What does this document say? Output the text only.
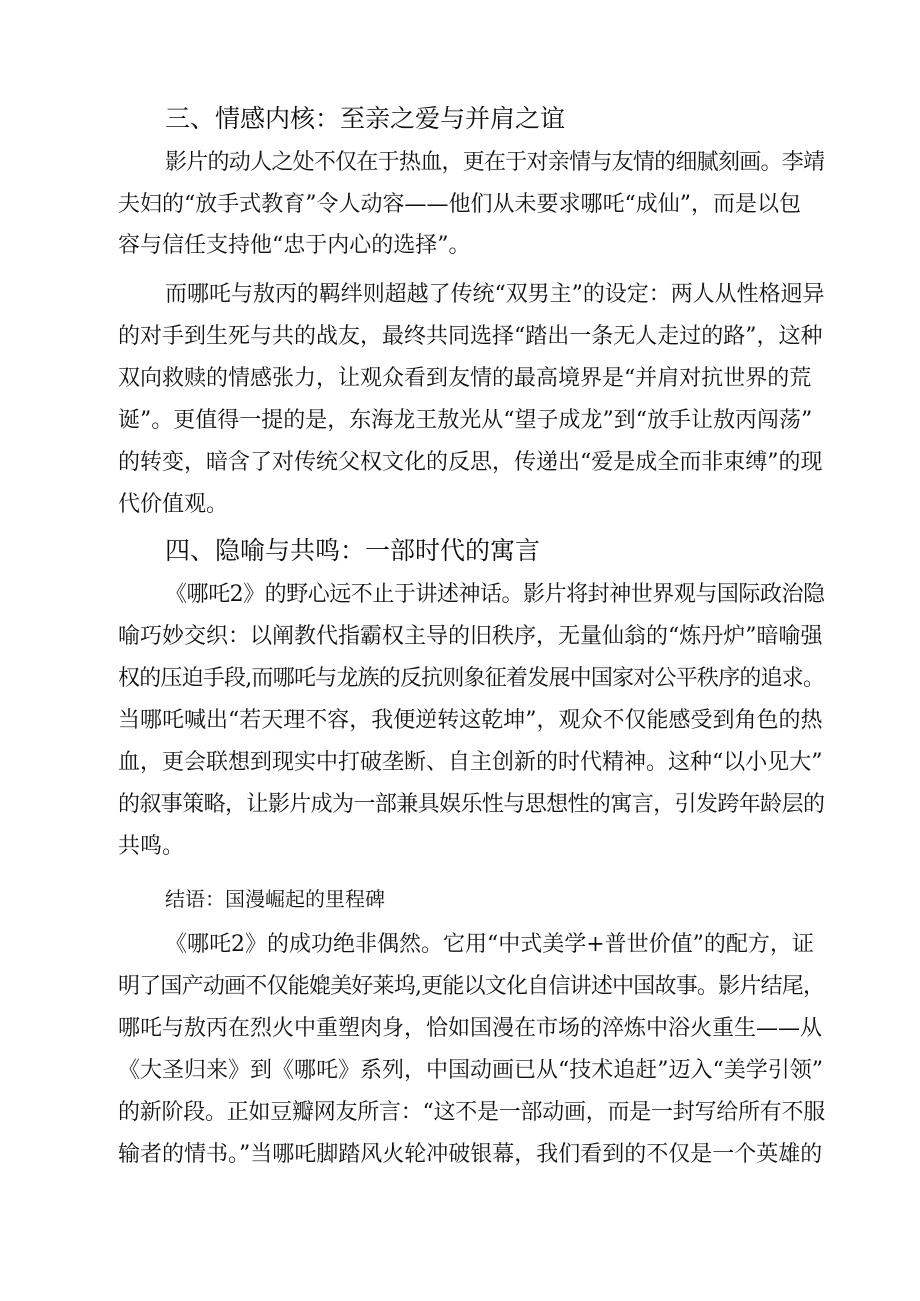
三、情感内核：至亲之爱与并肩之谊
影片的动人之处不仅在于热血，更在于对亲情与友情的细腻刻画。李靖
夫妇的“放手式教育”令人动容——他们从未要求哪吒“成仙”，而是以包
容与信任支持他“忠于内心的选择”。
而哪吒与敖丙的羁绊则超越了传统“双男主”的设定：两人从性格迥异
的对手到生死与共的战友，最终共同选择“踏出一条无人走过的路”，这种
双向救赎的情感张力，让观众看到友情的最高境界是“并肩对抗世界的荒
诞”。更值得一提的是，东海龙王敖光从“望子成龙”到“放手让敖丙闯荡”
的转变，暗含了对传统父权文化的反思，传递出“爱是成全而非束缚”的现
代价值观。
四、隐喻与共鸣：一部时代的寓言
《哪吒2》的野心远不止于讲述神话。影片将封神世界观与国际政治隐
喻巧妙交织：以阐教代指霸权主导的旧秩序，无量仙翁的“炼丹炉”暗喻强
权的压迫手段,而哪吒与龙族的反抗则象征着发展中国家对公平秩序的追求。
当哪吒喊出“若天理不容，我便逆转这乾坤”，观众不仅能感受到角色的热
血，更会联想到现实中打破垄断、自主创新的时代精神。这种“以小见大”
的叙事策略，让影片成为一部兼具娱乐性与思想性的寓言，引发跨年龄层的
共鸣。
结语：国漫崛起的里程碑
《哪吒2》的成功绝非偶然。它用“中式美学+普世价值”的配方，证
明了国产动画不仅能媲美好莱坞,更能以文化自信讲述中国故事。影片结尾，
哪吒与敖丙在烈火中重塑肉身，恰如国漫在市场的淬炼中浴火重生——从
《大圣归来》到《哪吒》系列，中国动画已从“技术追赶”迈入“美学引领”
的新阶段。正如豆瓣网友所言：“这不是一部动画，而是一封写给所有不服
输者的情书。”当哪吒脚踏风火轮冲破银幕，我们看到的不仅是一个英雄的
